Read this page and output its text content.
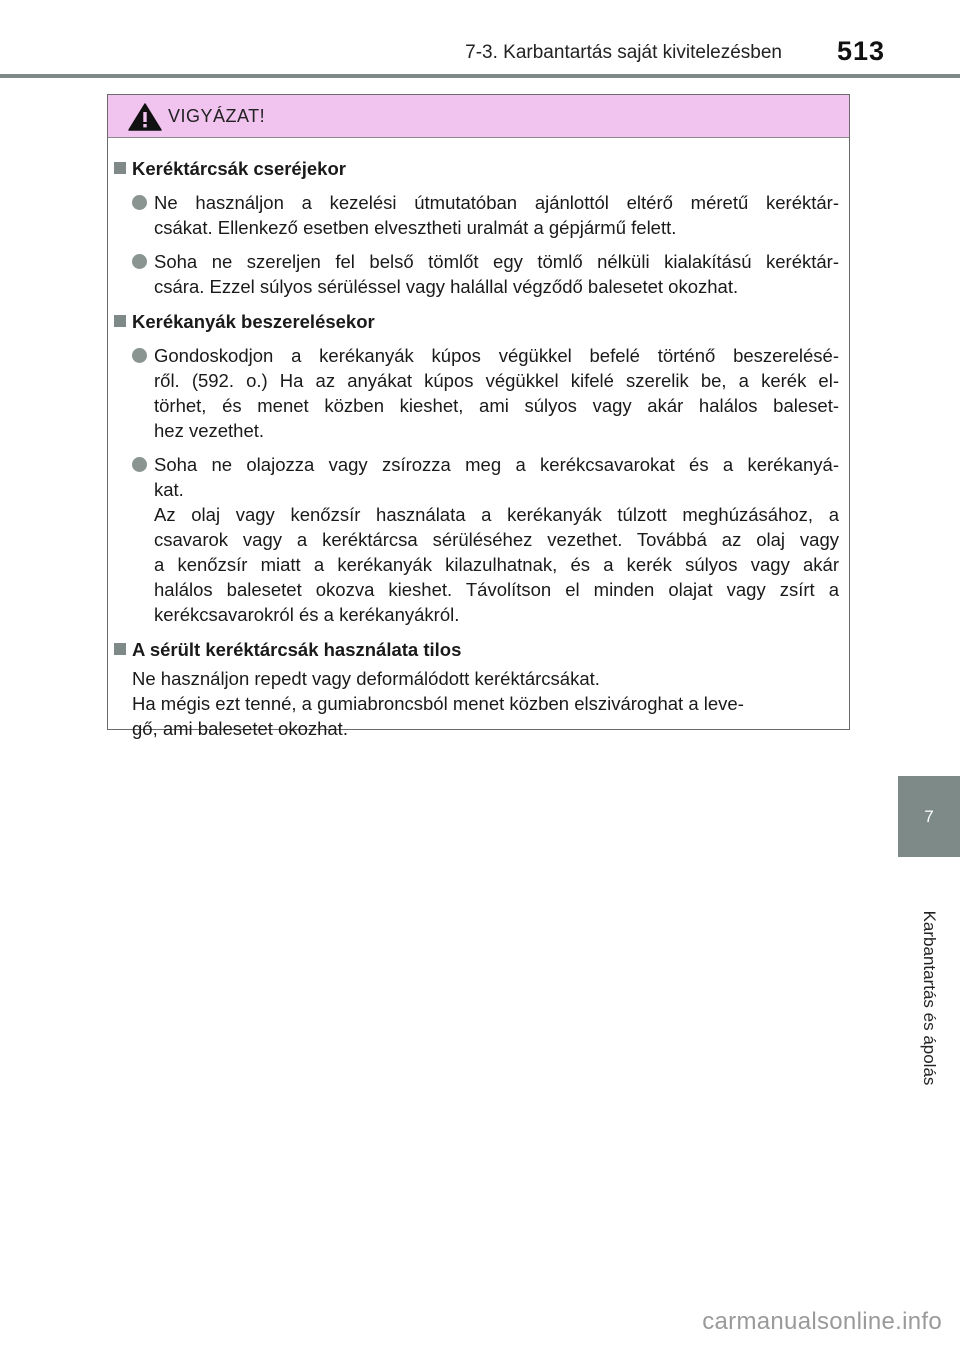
7-3. Karbantartás saját kivitelezésben 513
VIGYÁZAT!
Keréktárcsák cseréjekor
Ne használjon a kezelési útmutatóban ajánlottól eltérő méretű keréktár-
csákat. Ellenkező esetben elvesztheti uralmát a gépjármű felett.
Soha ne szereljen fel belső tömlőt egy tömlő nélküli kialakítású keréktár-
csára. Ezzel súlyos sérüléssel vagy halállal végződő balesetet okozhat.
Kerékanyák beszerelésekor
Gondoskodjon a kerékanyák kúpos végükkel befelé történő beszerelésé-
ről. (592. o.) Ha az anyákat kúpos végükkel kifelé szerelik be, a kerék el-
törhet, és menet közben kieshet, ami súlyos vagy akár halálos baleset-
hez vezethet.
Soha ne olajozza vagy zsírozza meg a kerékcsavarokat és a kerékanyá-
kat.
Az olaj vagy kenőzsír használata a kerékanyák túlzott meghúzásához, a
csavarok vagy a keréktárcsa sérüléséhez vezethet. Továbbá az olaj vagy
a kenőzsír miatt a kerékanyák kilazulhatnak, és a kerék súlyos vagy akár
halálos balesetet okozva kieshet. Távolítson el minden olajat vagy zsírt a
kerékcsavarokról és a kerékanyákról.
A sérült keréktárcsák használata tilos
Ne használjon repedt vagy deformálódott keréktárcsákat.
Ha mégis ezt tenné, a gumiabroncsból menet közben elszivároghat a leve-
gő, ami balesetet okozhat.
7
Karbantartás és ápolás
carmanualsonline.info
